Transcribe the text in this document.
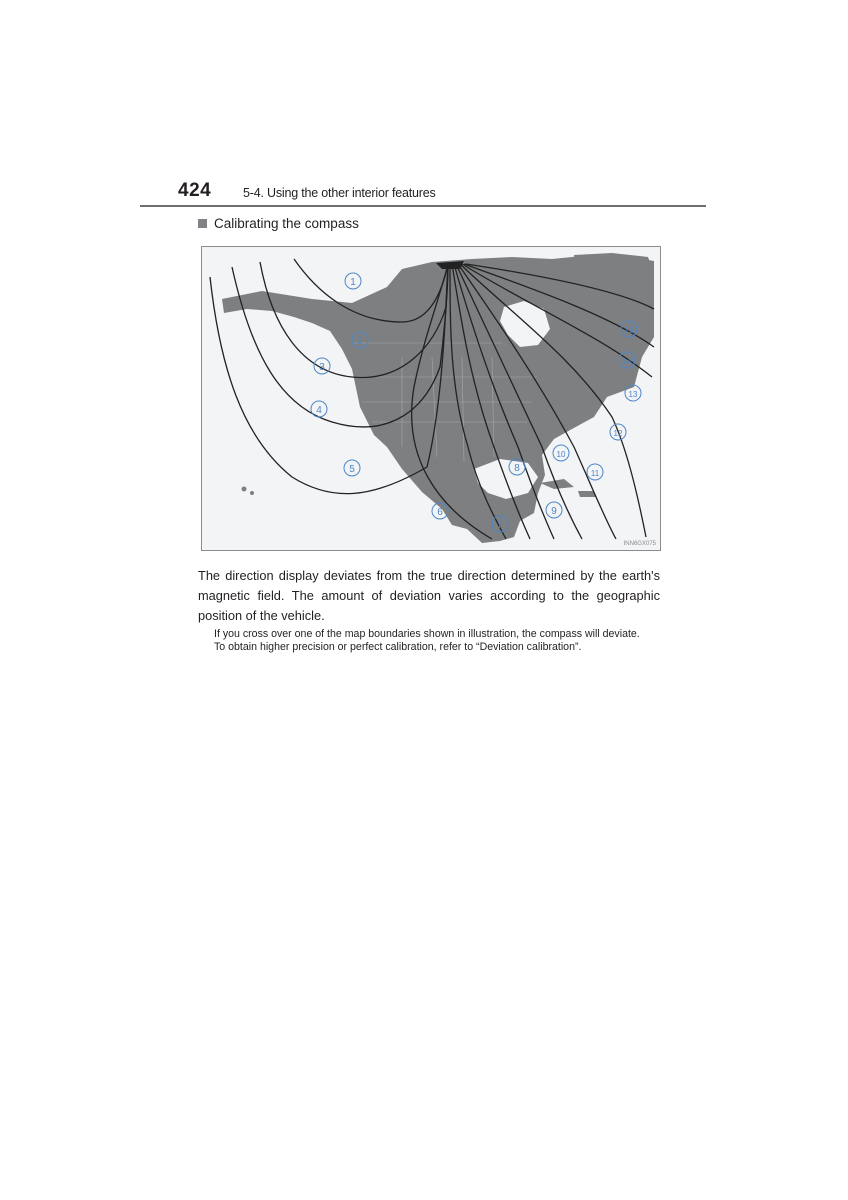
424	5-4. Using the other interior features
Calibrating the compass
1
2
3
4
5
6
7
8
9
10
11
12
13
14
15
INN6GX075
The direction display deviates from the true direction determined by the earth's magnetic field. The amount of deviation varies according to the geographic position of the vehicle.

If you cross over one of the map boundaries shown in illustration, the compass will deviate.

To obtain higher precision or perfect calibration, refer to “Deviation calibration”.
